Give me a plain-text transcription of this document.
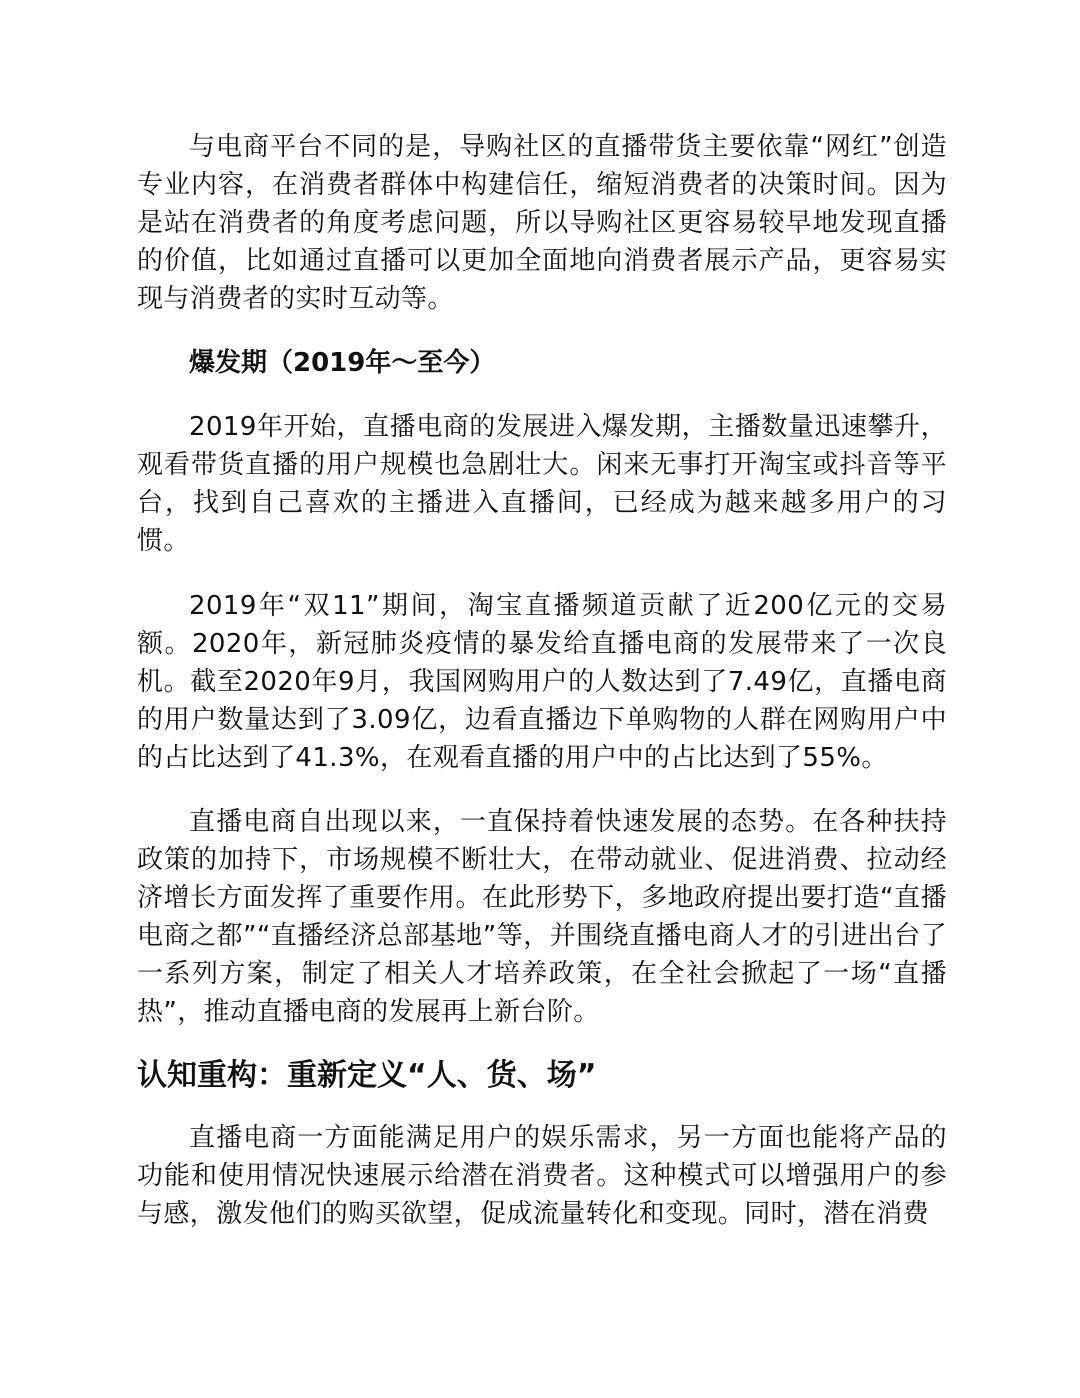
与电商平台不同的是，导购社区的直播带货主要依靠“网红”创造专业内容，在消费者群体中构建信任，缩短消费者的决策时间。因为是站在消费者的角度考虑问题，所以导购社区更容易较早地发现直播的价值，比如通过直播可以更加全面地向消费者展示产品，更容易实现与消费者的实时互动等。

爆发期（2019年～至今）

2019年开始，直播电商的发展进入爆发期，主播数量迅速攀升，观看带货直播的用户规模也急剧壮大。闲来无事打开淘宝或抖音等平台，找到自己喜欢的主播进入直播间，已经成为越来越多用户的习惯。

2019年“双11”期间，淘宝直播频道贡献了近200亿元的交易额。2020年，新冠肺炎疫情的暴发给直播电商的发展带来了一次良机。截至2020年9月，我国网购用户的人数达到了7.49亿，直播电商的用户数量达到了3.09亿，边看直播边下单购物的人群在网购用户中的占比达到了41.3%，在观看直播的用户中的占比达到了55%。

直播电商自出现以来，一直保持着快速发展的态势。在各种扶持政策的加持下，市场规模不断壮大，在带动就业、促进消费、拉动经济增长方面发挥了重要作用。在此形势下，多地政府提出要打造“直播电商之都”“直播经济总部基地”等，并围绕直播电商人才的引进出台了一系列方案，制定了相关人才培养政策，在全社会掀起了一场“直播热”，推动直播电商的发展再上新台阶。

认知重构：重新定义“人、货、场”

直播电商一方面能满足用户的娱乐需求，另一方面也能将产品的功能和使用情况快速展示给潜在消费者。这种模式可以增强用户的参与感，激发他们的购买欲望，促成流量转化和变现。同时，潜在消费
